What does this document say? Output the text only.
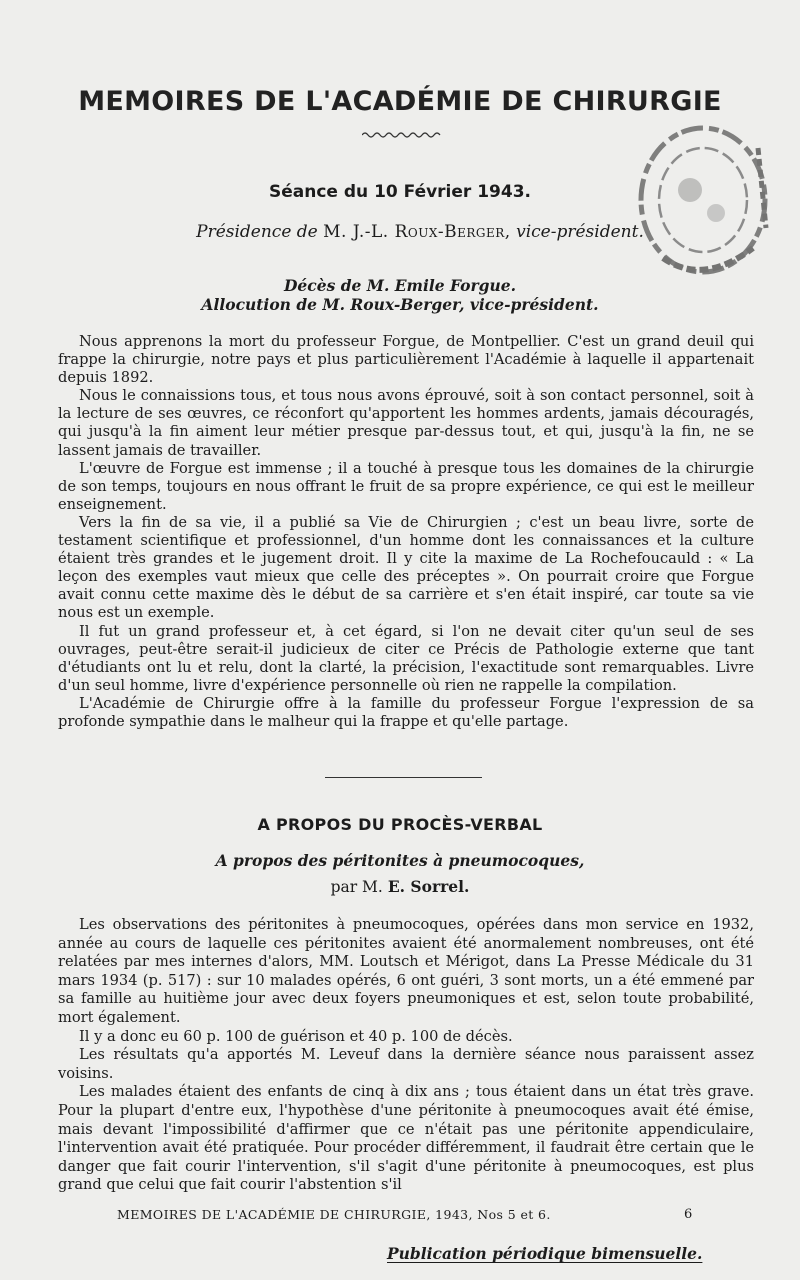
MEMOIRES DE L'ACADÉMIE DE CHIRURGIE
Séance du 10 Février 1943.
Présidence de M. J.-L. Roux-Berger, vice-président.
Décès de M. Emile Forgue.
Allocution de M. Roux-Berger, vice-président.

Nous apprenons la mort du professeur Forgue, de Montpellier. C'est un grand deuil qui frappe la chirurgie, notre pays et plus particulièrement l'Académie à laquelle il appartenait depuis 1892.

Nous le connaissions tous, et tous nous avons éprouvé, soit à son contact personnel, soit à la lecture de ses œuvres, ce réconfort qu'apportent les hommes ardents, jamais découragés, qui jusqu'à la fin aiment leur métier presque par-dessus tout, et qui, jusqu'à la fin, ne se lassent jamais de travailler.

L'œuvre de Forgue est immense ; il a touché à presque tous les domaines de la chirurgie de son temps, toujours en nous offrant le fruit de sa propre expérience, ce qui est le meilleur enseignement.

Vers la fin de sa vie, il a publié sa Vie de Chirurgien ; c'est un beau livre, sorte de testament scientifique et professionnel, d'un homme dont les connaissances et la culture étaient très grandes et le jugement droit. Il y cite la maxime de La Rochefoucauld : « La leçon des exemples vaut mieux que celle des préceptes ». On pourrait croire que Forgue avait connu cette maxime dès le début de sa carrière et s'en était inspiré, car toute sa vie nous est un exemple.

Il fut un grand professeur et, à cet égard, si l'on ne devait citer qu'un seul de ses ouvrages, peut-être serait-il judicieux de citer ce Précis de Pathologie externe que tant d'étudiants ont lu et relu, dont la clarté, la précision, l'exactitude sont remarquables. Livre d'un seul homme, livre d'expérience personnelle où rien ne rappelle la compilation.

L'Académie de Chirurgie offre à la famille du professeur Forgue l'expression de sa profonde sympathie dans le malheur qui la frappe et qu'elle partage.

A PROPOS DU PROCÈS-VERBAL
A propos des péritonites à pneumocoques,
par M. E. Sorrel.

Les observations des péritonites à pneumocoques, opérées dans mon service en 1932, année au cours de laquelle ces péritonites avaient été anormalement nombreuses, ont été relatées par mes internes d'alors, MM. Loutsch et Mérigot, dans La Presse Médicale du 31 mars 1934 (p. 517) : sur 10 malades opérés, 6 ont guéri, 3 sont morts, un a été emmené par sa famille au huitième jour avec deux foyers pneumoniques et est, selon toute probabilité, mort également.

Il y a donc eu 60 p. 100 de guérison et 40 p. 100 de décès.

Les résultats qu'a apportés M. Leveuf dans la dernière séance nous paraissent assez voisins.

Les malades étaient des enfants de cinq à dix ans ; tous étaient dans un état très grave. Pour la plupart d'entre eux, l'hypothèse d'une péritonite à pneumocoques avait été émise, mais devant l'impossibilité d'affirmer que ce n'était pas une péritonite appendiculaire, l'intervention avait été pratiquée. Pour procéder différemment, il faudrait être certain que le danger que fait courir l'intervention, s'il s'agit d'une péritonite à pneumocoques, est plus grand que celui que fait courir l'abstention s'il

MEMOIRES DE L'ACADÉMIE DE CHIRURGIE, 1943, Nos 5 et 6.	6
Publication périodique bimensuelle.
